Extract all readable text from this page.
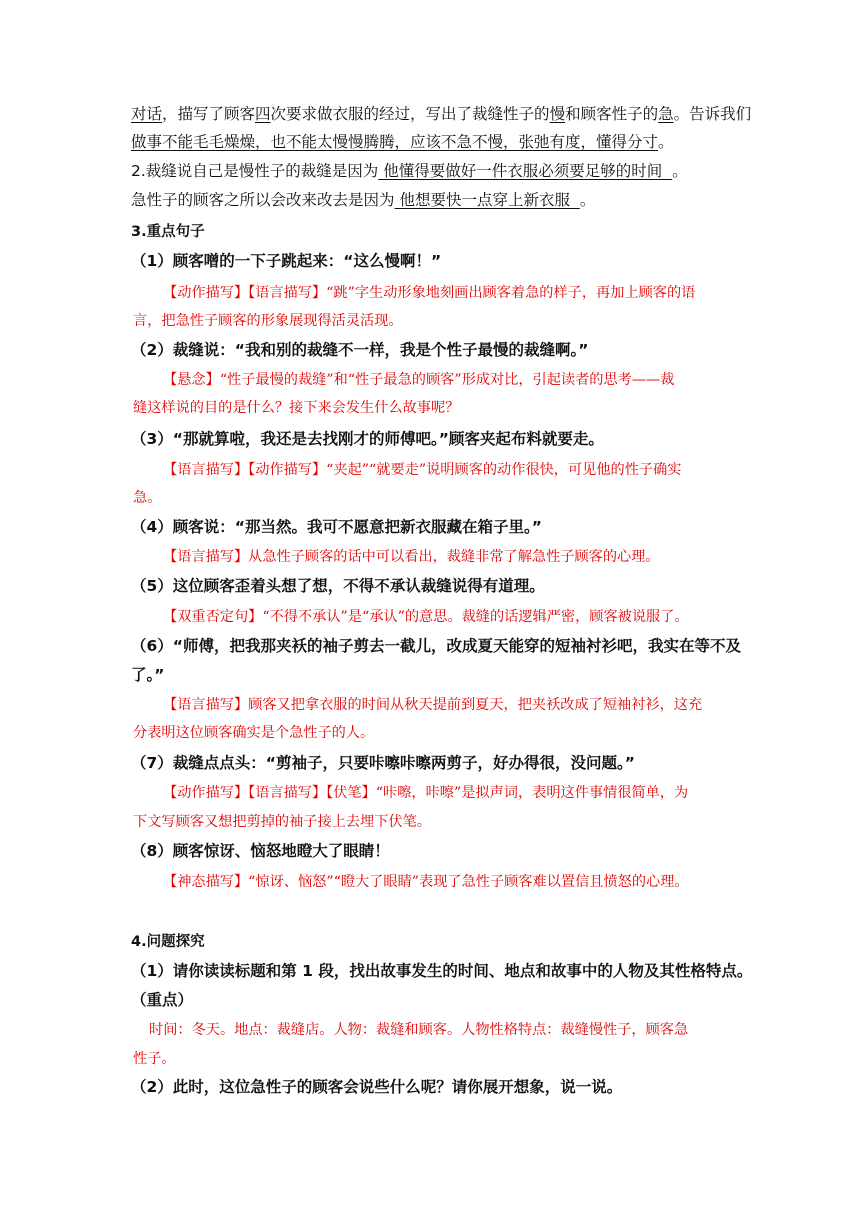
对话，描写了顾客四次要求做衣服的经过，写出了裁缝性子的慢和顾客性子的急。告诉我们
做事不能毛毛燥燥，也不能太慢慢腾腾，应该不急不慢，张弛有度，懂得分寸。
2.裁缝说自己是慢性子的裁缝是因为 他懂得要做好一件衣服必须要足够的时间  。
急性子的顾客之所以会改来改去是因为 他想要快一点穿上新衣服  。
3.重点句子
（1）顾客噌的一下子跳起来：“这么慢啊！”
【动作描写】【语言描写】“跳”字生动形象地刻画出顾客着急的样子，再加上顾客的语
言，把急性子顾客的形象展现得活灵活现。
（2）裁缝说：“我和别的裁缝不一样，我是个性子最慢的裁缝啊。”
【悬念】“性子最慢的裁缝”和“性子最急的顾客”形成对比，引起读者的思考——裁
缝这样说的目的是什么？接下来会发生什么故事呢？
（3）“那就算啦，我还是去找刚才的师傅吧。”顾客夹起布料就要走。
【语言描写】【动作描写】“夹起”“就要走”说明顾客的动作很快，可见他的性子确实
急。
（4）顾客说：“那当然。我可不愿意把新衣服藏在箱子里。”
【语言描写】从急性子顾客的话中可以看出，裁缝非常了解急性子顾客的心理。
（5）这位顾客歪着头想了想，不得不承认裁缝说得有道理。
【双重否定句】“不得不承认”是“承认”的意思。裁缝的话逻辑严密，顾客被说服了。
（6）“师傅，把我那夹袄的袖子剪去一截儿，改成夏天能穿的短袖衬衫吧，我实在等不及
了。”
【语言描写】顾客又把拿衣服的时间从秋天提前到夏天，把夹袄改成了短袖衬衫，这充
分表明这位顾客确实是个急性子的人。
（7）裁缝点点头：“剪袖子，只要咔嚓咔嚓两剪子，好办得很，没问题。”
【动作描写】【语言描写】【伏笔】“咔嚓，咔嚓”是拟声词，表明这件事情很简单，为
下文写顾客又想把剪掉的袖子接上去埋下伏笔。
（8）顾客惊讶、恼怒地瞪大了眼睛！
【神态描写】“惊讶、恼怒”“瞪大了眼睛”表现了急性子顾客难以置信且愤怒的心理。
4.问题探究
（1）请你读读标题和第 1 段，找出故事发生的时间、地点和故事中的人物及其性格特点。
（重点）
时间：冬天。地点：裁缝店。人物：裁缝和顾客。人物性格特点：裁缝慢性子，顾客急
性子。
（2）此时，这位急性子的顾客会说些什么呢？请你展开想象，说一说。
